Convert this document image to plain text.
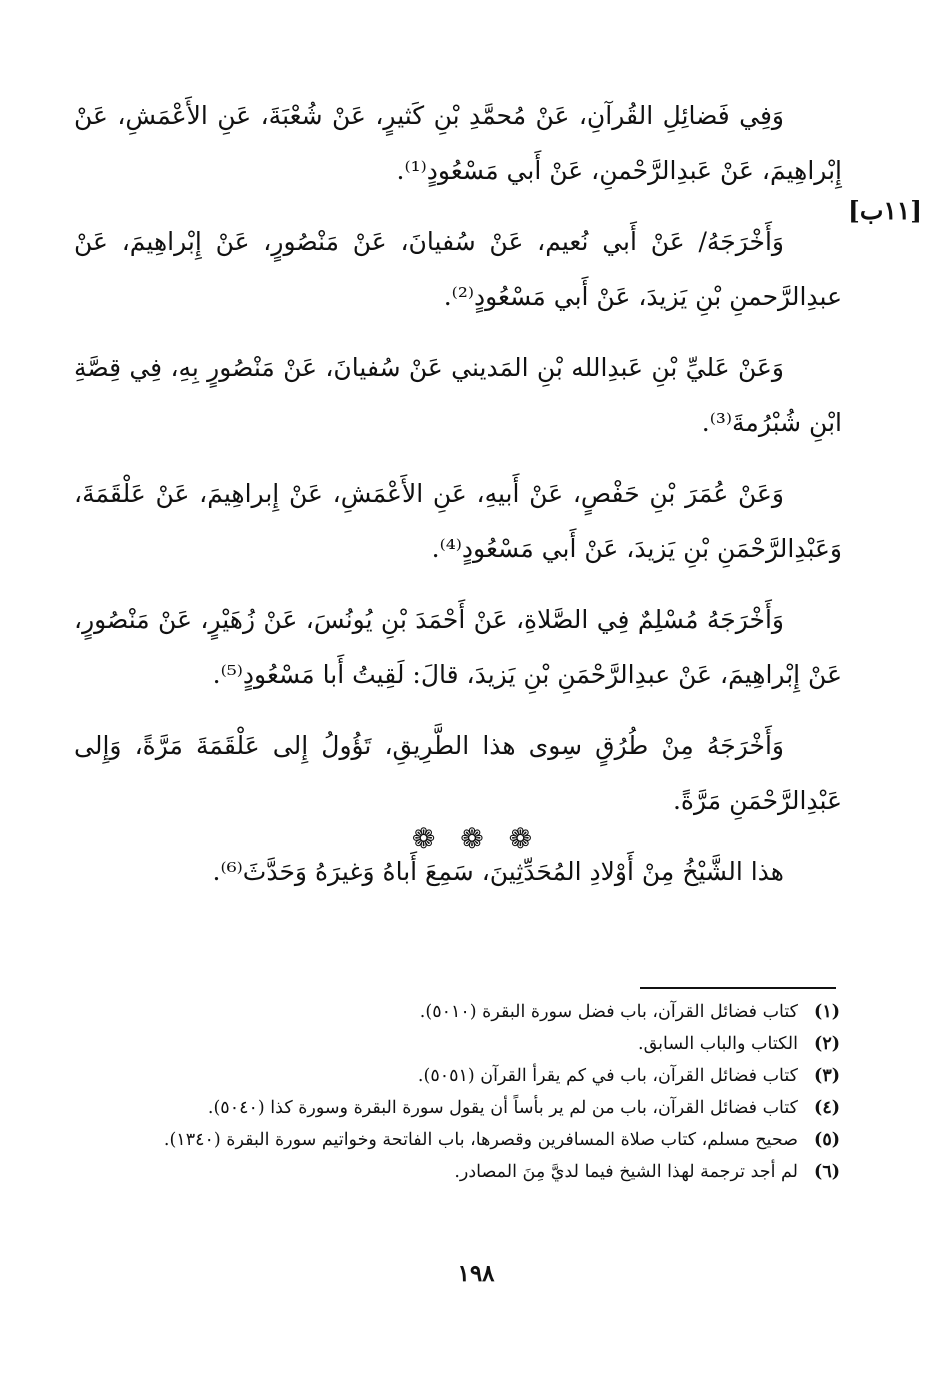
[١١ب]

وَفِي فَضائِلِ القُرآنِ، عَنْ مُحمَّدِ بْنِ كَثيرٍ، عَنْ شُعْبَةَ، عَنِ الأَعْمَشِ، عَنْ إِبْراهِيمَ، عَنْ عَبدِالرَّحْمنِ، عَنْ أَبي مَسْعُودٍ⁽¹⁾.

وَأَخْرَجَهُ/ عَنْ أَبي نُعيم، عَنْ سُفيانَ، عَنْ مَنْصُورٍ، عَنْ إِبْراهِيمَ، عَنْ عبدِالرَّحمنِ بْنِ يَزيدَ، عَنْ أَبي مَسْعُودٍ⁽²⁾.

وَعَنْ عَليِّ بْنِ عَبدِالله بْنِ المَديني عَنْ سُفيانَ، عَنْ مَنْصُورٍ بِهِ، فِي قِصَّةِ ابْنِ شُبْرُمةَ⁽³⁾.

وَعَنْ عُمَرَ بْنِ حَفْصٍ، عَنْ أَبيهِ، عَنِ الأَعْمَشِ، عَنْ إِبراهِيمَ، عَنْ عَلْقَمَةَ، وَعَبْدِالرَّحْمَنِ بْنِ يَزيدَ، عَنْ أَبي مَسْعُودٍ⁽⁴⁾.

وَأَخْرَجَهُ مُسْلِمٌ فِي الصَّلاةِ، عَنْ أَحْمَدَ بْنِ يُونُسَ، عَنْ زُهَيْرٍ، عَنْ مَنْصُورٍ، عَنْ إِبْراهِيمَ، عَنْ عبدِالرَّحْمَنِ بْنِ يَزيدَ، قالَ: لَقِيتُ أَبا مَسْعُودٍ⁽⁵⁾.

وَأَخْرَجَهُ مِنْ طُرُقٍ سِوى هذا الطَّرِيقِ، تَؤُولُ إِلى عَلْقَمَةَ مَرَّةً، وَإِلى عَبْدِالرَّحْمَنِ مَرَّةً.

هذا الشَّيْخُ مِنْ أَوْلادِ المُحَدِّثِينَ، سَمِعَ أَباهُ وَغيرَهُ وَحَدَّثَ⁽⁶⁾.

❁ ❁ ❁
(١)
كتاب فضائل القرآن، باب فضل سورة البقرة (٥٠١٠).
(٢)
الكتاب والباب السابق.
(٣)
كتاب فضائل القرآن، باب في كم يقرأ القرآن (٥٠٥١).
(٤)
كتاب فضائل القرآن، باب من لم ير بأساً أن يقول سورة البقرة وسورة كذا (٥٠٤٠).
(٥)
صحيح مسلم، كتاب صلاة المسافرين وقصرها، باب الفاتحة وخواتيم سورة البقرة (١٣٤٠).
(٦)
لم أجد ترجمة لهذا الشيخ فيما لديَّ مِنَ المصادر.
١٩٨
